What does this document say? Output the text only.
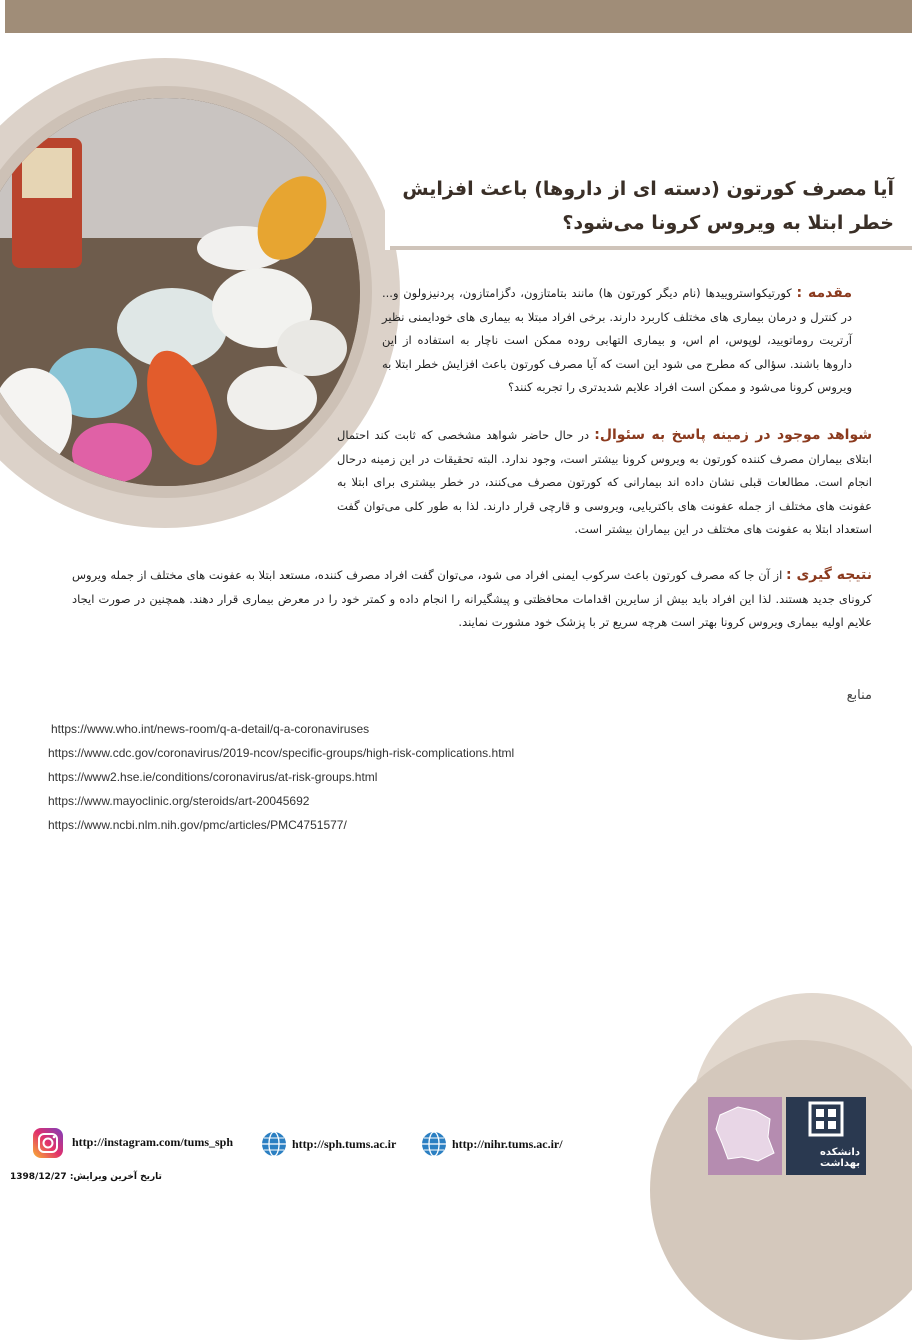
آیا مصرف کورتون (دسته ای از داروها) باعث افزایش خطر ابتلا به ویروس کرونا می‌شود؟
مقدمه : کورتیکواستروییدها (نام دیگر کورتون ها) مانند بتامتازون، دگزامتازون، پردنیزولون و... در کنترل و درمان بیماری های مختلف کاربرد دارند. برخی افراد مبتلا به بیماری های خودایمنی نظیر آرتریت روماتویید، لوپوس، ام اس، و بیماری التهابی روده ممکن است ناچار به استفاده از این داروها باشند. سؤالی که مطرح می شود این است که آیا مصرف کورتون باعث افزایش خطر ابتلا به ویروس کرونا می‌شود و ممکن است افراد علایم شدیدتری را تجربه کنند؟
شواهد موجود در زمینه پاسخ به سئوال: در حال حاضر شواهد مشخصی که ثابت کند احتمال ابتلای بیماران مصرف کننده کورتون به ویروس کرونا بیشتر است، وجود ندارد. البته تحقیقات در این زمینه درحال انجام است. مطالعات قبلی نشان داده اند بیمارانی که کورتون مصرف می‌کنند، در خطر بیشتری برای ابتلا به عفونت های مختلف از جمله عفونت های باکتریایی، ویروسی و قارچی قرار دارند. لذا به طور کلی می‌توان گفت استعداد ابتلا به عفونت های مختلف در این بیماران بیشتر است.
نتیجه گیری : از آن جا که مصرف کورتون باعث سرکوب ایمنی افراد می شود، می‌توان گفت افراد مصرف کننده، مستعد ابتلا به عفونت های مختلف از جمله ویروس کرونای جدید هستند. لذا این افراد باید بیش از سایرین اقدامات محافظتی و پیشگیرانه را انجام داده و کمتر خود را در معرض بیماری قرار دهند. همچنین در صورت ایجاد علایم اولیه بیماری ویروس کرونا بهتر است هرچه سریع تر با پزشک خود مشورت نمایند.
منابع
https://www.who.int/news-room/q-a-detail/q-a-coronaviruses
https://www.cdc.gov/coronavirus/2019-ncov/specific-groups/high-risk-complications.html
https://www2.hse.ie/conditions/coronavirus/at-risk-groups.html
https://www.mayoclinic.org/steroids/art-20045692
https://www.ncbi.nlm.nih.gov/pmc/articles/PMC4751577/
دانشکده بهداشت
http://instagram.com/tums_sph	http://sph.tums.ac.ir	http://nihr.tums.ac.ir/
تاریخ آخرین ویرایش: 1398/12/27
